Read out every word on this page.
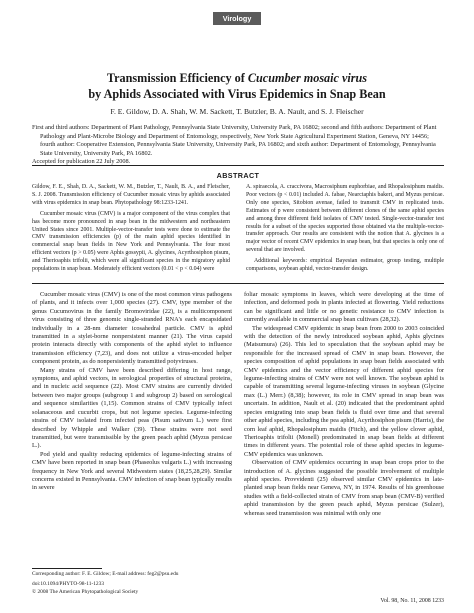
Virology
Transmission Efficiency of Cucumber mosaic virus
by Aphids Associated with Virus Epidemics in Snap Bean
F. E. Gildow, D. A. Shah, W. M. Sackett, T. Butzler, B. A. Nault, and S. J. Fleischer
First and third authors: Department of Plant Pathology, Pennsylvania State University, University Park, PA 16802; second and fifth authors: Department of Plant Pathology and Plant-Microbe Biology and Department of Entomology, respectively, New York State Agricultural Experiment Station, Geneva, NY 14456; fourth author: Cooperative Extension, Pennsylvania State University, University Park, PA 16802; and sixth author: Department of Entomology, Pennsylvania State University, University Park, PA 16802.
Accepted for publication 22 July 2008.
ABSTRACT

Gildow, F. E., Shah, D. A., Sackett, W. M., Butzler, T., Nault, B. A., and Fleischer, S. J. 2008. Transmission efficiency of Cucumber mosaic virus by aphids associated with virus epidemics in snap bean. Phytopathology 98:1233-1241.

Cucumber mosaic virus (CMV) is a major component of the virus complex that has become more pronounced in snap bean in the midwestern and northeastern United States since 2001. Multiple-vector-transfer tests were done to estimate the CMV transmission efficiencies (p) of the main aphid species identified in commercial snap bean fields in New York and Pennsylvania. The four most efficient vectors (p > 0.05) were Aphis gossypii, A. glycines, Acyrthosiphon pisum, and Therioaphis trifolii, which were all significant species in the migratory aphid populations in snap bean. Moderately efficient vectors (0.01 < p < 0.04) were

A. spiraecola, A. craccivora, Macrosiphum euphorbiae, and Rhopalosiphum maidis. Poor vectors (p < 0.01) included A. fabae, Nearctaphis bakeri, and Myzus persicae. Only one species, Sitobion avenae, failed to transmit CMV in replicated tests. Estimates of p were consistent between different clones of the same aphid species and among three different field isolates of CMV tested. Single-vector-transfer test results for a subset of the species supported those obtained via the multiple-vector-transfer approach. Our results are consistent with the notion that A. glycines is a major vector of recent CMV epidemics in snap bean, but that species is only one of several that are involved.

Additional keywords: empirical Bayesian estimator, group testing, multiple comparisons, soybean aphid, vector-transfer design.

Cucumber mosaic virus (CMV) is one of the most common virus pathogens of plants, and it infects over 1,000 species (27). CMV, type member of the genus Cucumovirus in the family Bromoviridae (22), is a multicomponent virus consisting of three genomic single-stranded RNA's each encapsidated individually in a 28-nm diameter icosahedral particle. CMV is aphid transmitted in a stylet-borne nonpersistent manner (21). The virus capsid protein interacts directly with components of the aphid stylet to influence transmission efficiency (7,23), and does not utilize a virus-encoded helper component protein, as do nonpersistently transmitted potyviruses.

Many strains of CMV have been described differing in host range, symptoms, and aphid vectors, in serological properties of structural proteins, and in nucleic acid sequence (22). Most CMV strains are currently divided between two major groups (subgroup 1 and subgroup 2) based on serological and sequence similarities (1,15). Common strains of CMV typically infect solanaceous and cucurbit crops, but not legume species. Legume-infecting strains of CMV isolated from infected peas (Pisum sativum L.) were first described by Whipple and Walker (39). These strains were not seed transmitted, but were transmissible by the green peach aphid (Myzus persicae L.).

Pod yield and quality reducing epidemics of legume-infecting strains of CMV have been reported in snap bean (Phaseolus vulgaris L.) with increasing frequency in New York and several Midwestern states (18,25,28,29). Similar concerns existed in Pennsylvania. CMV infection of snap bean typically results in severe

foliar mosaic symptoms in leaves, which were developing at the time of infection, and deformed pods in plants infected at flowering. Yield reductions can be significant and little or no genetic resistance to CMV infection is currently available in commercial snap bean cultivars (28,32).

The widespread CMV epidemic in snap bean from 2000 to 2003 coincided with the detection of the newly introduced soybean aphid, Aphis glycines (Matsumura) (26). This led to speculation that the soybean aphid may be responsible for the increased spread of CMV in snap bean. However, the species composition of aphid populations in snap bean fields associated with CMV epidemics and the vector efficiency of different aphid species for legume-infecting strains of CMV were not well known. The soybean aphid is capable of transmitting several legume-infecting viruses in soybean (Glycine max (L.) Merr.) (8,38); however, its role in CMV spread in snap bean was uncertain. In addition, Nault et al. (20) indicated that the predominant aphid species emigrating into snap bean fields is fluid over time and that several other aphid species, including the pea aphid, Acyrthosiphon pisum (Harris), the corn leaf aphid, Rhopalosiphum maidis (Fitch), and the yellow clover aphid, Therioaphis trifolii (Monell) predominated in snap bean fields at different times in different years. The potential role of these aphid species in legume-CMV epidemics was unknown.

Observation of CMV epidemics occurring in snap bean crops prior to the introduction of A. glycines suggested the possible involvement of multiple aphid species. Provvidenti (25) observed similar CMV epidemics in late-planted snap bean fields near Geneva, NY, in 1974. Results of his greenhouse studies with a field-collected strain of CMV from snap bean (CMV-B) verified aphid transmission by the green peach aphid, Myzus persicae (Sulzer), whereas seed transmission was minimal with only one

Corresponding author: F. E. Gildow; E-mail address: feg2@psu.edu
doi:10.1094/PHYTO-98-11-1233
© 2008 The American Phytopathological Society
Vol. 98, No. 11, 2008 1233
